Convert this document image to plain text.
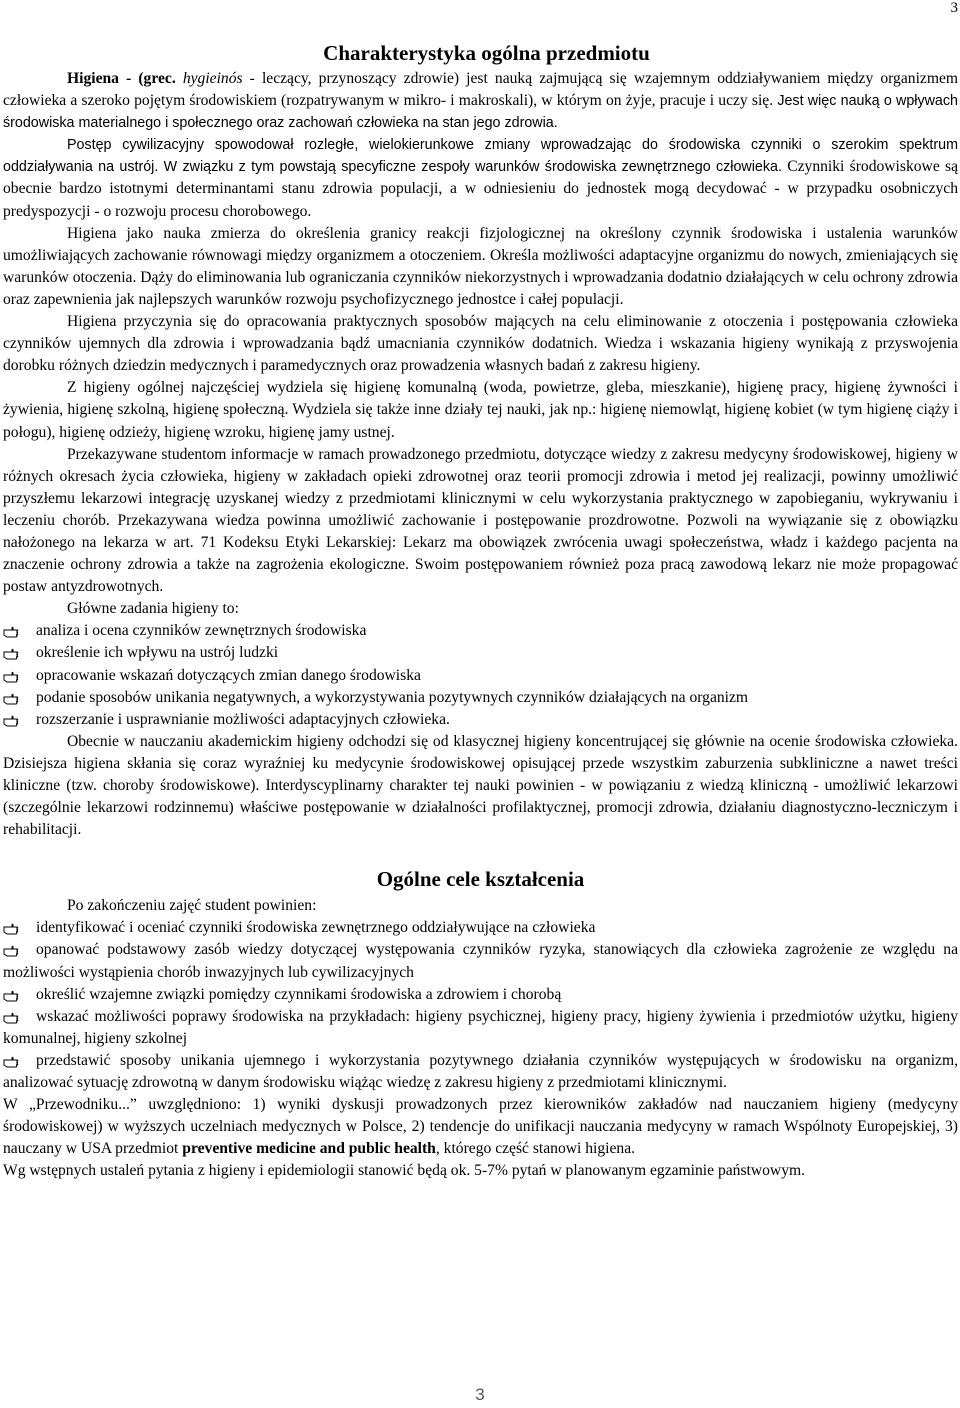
3
Charakterystyka ogólna przedmiotu

Higiena - (grec. hygieinós - leczący, przynoszący zdrowie) jest nauką zajmującą się wzajemnym oddziaływaniem między organizmem człowieka a szeroko pojętym środowiskiem (rozpatrywanym w mikro- i makroskali), w którym on żyje, pracuje i uczy się. Jest więc nauką o wpływach środowiska materialnego i społecznego oraz zachowań człowieka na stan jego zdrowia.

Postęp cywilizacyjny spowodował rozległe, wielokierunkowe zmiany wprowadzając do środowiska czynniki o szerokim spektrum oddziaływania na ustrój. W związku z tym powstają specyficzne zespoły warunków środowiska zewnętrznego człowieka. Czynniki środowiskowe są obecnie bardzo istotnymi determinantami stanu zdrowia populacji, a w odniesieniu do jednostek mogą decydować - w przypadku osobniczych predyspozycji - o rozwoju procesu chorobowego.

Higiena jako nauka zmierza do określenia granicy reakcji fizjologicznej na określony czynnik środowiska i ustalenia warunków umożliwiających zachowanie równowagi między organizmem a otoczeniem. Określa możliwości adaptacyjne organizmu do nowych, zmieniających się warunków otoczenia. Dąży do eliminowania lub ograniczania czynników niekorzystnych i wprowadzania dodatnio działających w celu ochrony zdrowia oraz zapewnienia jak najlepszych warunków rozwoju psychofizycznego jednostce i całej populacji.

Higiena przyczynia się do opracowania praktycznych sposobów mających na celu eliminowanie z otoczenia i postępowania człowieka czynników ujemnych dla zdrowia i wprowadzania bądź umacniania czynników dodatnich. Wiedza i wskazania higieny wynikają z przyswojenia dorobku różnych dziedzin medycznych i paramedycznych oraz prowadzenia własnych badań z zakresu higieny.

Z higieny ogólnej najczęściej wydziela się higienę komunalną (woda, powietrze, gleba, mieszkanie), higienę pracy, higienę żywności i żywienia, higienę szkolną, higienę społeczną. Wydziela się także inne działy tej nauki, jak np.: higienę niemowląt, higienę kobiet (w tym higienę ciąży i połogu), higienę odzieży, higienę wzroku, higienę jamy ustnej.

Przekazywane studentom informacje w ramach prowadzonego przedmiotu, dotyczące wiedzy z zakresu medycyny środowiskowej, higieny w różnych okresach życia człowieka, higieny w zakładach opieki zdrowotnej oraz teorii promocji zdrowia i metod jej realizacji, powinny umożliwić przyszłemu lekarzowi integrację uzyskanej wiedzy z przedmiotami klinicznymi w celu wykorzystania praktycznego w zapobieganiu, wykrywaniu i leczeniu chorób. Przekazywana wiedza powinna umożliwić zachowanie i postępowanie prozdrowotne. Pozwoli na wywiązanie się z obowiązku nałożonego na lekarza w art. 71 Kodeksu Etyki Lekarskiej: Lekarz ma obowiązek zwrócenia uwagi społeczeństwa, władz i każdego pacjenta na znaczenie ochrony zdrowia a także na zagrożenia ekologiczne. Swoim postępowaniem również poza pracą zawodową lekarz nie może propagować postaw antyzdrowotnych.

Główne zadania higieny to:

analiza i ocena czynników zewnętrznych środowiska
określenie ich wpływu na ustrój ludzki
opracowanie wskazań dotyczących zmian danego środowiska
podanie sposobów unikania negatywnych, a wykorzystywania pozytywnych czynników działających na organizm
rozszerzanie i usprawnianie możliwości adaptacyjnych człowieka.

Obecnie w nauczaniu akademickim higieny odchodzi się od klasycznej higieny koncentrującej się głównie na ocenie środowiska człowieka. Dzisiejsza higiena skłania się coraz wyraźniej ku medycynie środowiskowej opisującej przede wszystkim zaburzenia subkliniczne a nawet treści kliniczne (tzw. choroby środowiskowe). Interdyscyplinarny charakter tej nauki powinien - w powiązaniu z wiedzą kliniczną - umożliwić lekarzowi (szczególnie lekarzowi rodzinnemu) właściwe postępowanie w działalności profilaktycznej, promocji zdrowia, działaniu diagnostyczno-leczniczym i rehabilitacji.

Ogólne cele kształcenia

Po zakończeniu zajęć student powinien:

identyfikować i oceniać czynniki środowiska zewnętrznego oddziaływujące na człowieka
opanować podstawowy zasób wiedzy dotyczącej występowania czynników ryzyka, stanowiących dla człowieka zagrożenie ze względu na możliwości wystąpienia chorób inwazyjnych lub cywilizacyjnych
określić wzajemne związki pomiędzy czynnikami środowiska a zdrowiem i chorobą
wskazać możliwości poprawy środowiska na przykładach: higieny psychicznej, higieny pracy, higieny żywienia i przedmiotów użytku, higieny komunalnej, higieny szkolnej
przedstawić sposoby unikania ujemnego i wykorzystania pozytywnego działania czynników występujących w środowisku na organizm, analizować sytuację zdrowotną w danym środowisku wiążąc wiedzę z zakresu higieny z przedmiotami klinicznymi.

W „Przewodniku...” uwzględniono: 1) wyniki dyskusji prowadzonych przez kierowników zakładów nad nauczaniem higieny (medycyny środowiskowej) w wyższych uczelniach medycznych w Polsce, 2) tendencje do unifikacji nauczania medycyny w ramach Wspólnoty Europejskiej, 3) nauczany w USA przedmiot preventive medicine and public health, którego część stanowi higiena.

Wg wstępnych ustaleń pytania z higieny i epidemiologii stanowić będą ok. 5-7% pytań w planowanym egzaminie państwowym.

3
